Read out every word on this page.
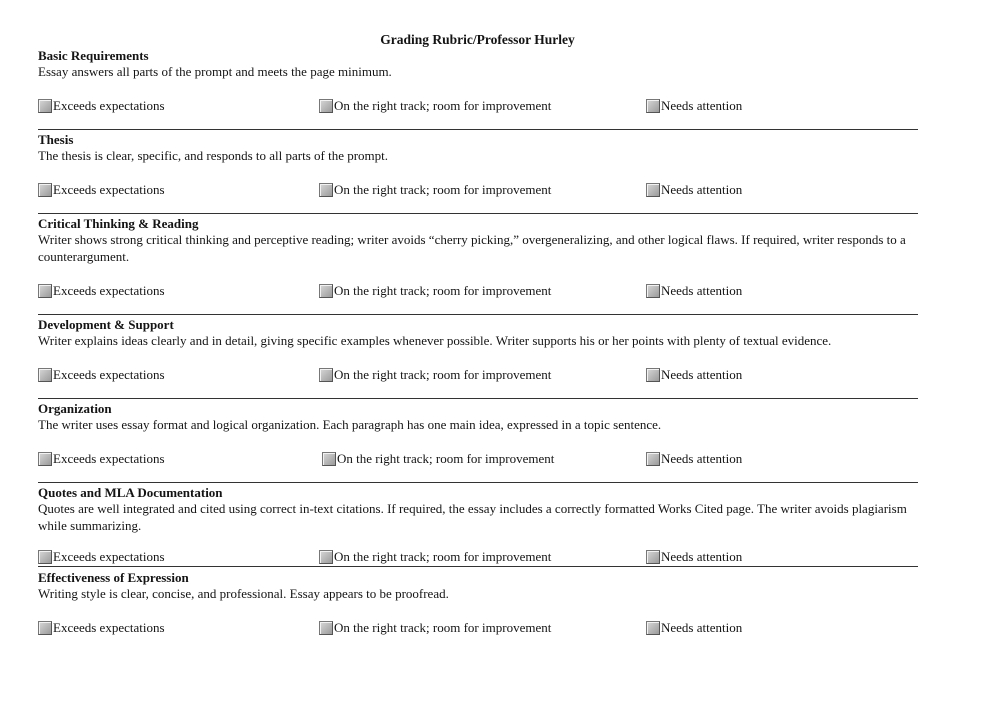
Grading Rubric/Professor Hurley
Basic Requirements
Essay answers all parts of the prompt and meets the page minimum.
Exceeds expectations	On the right track; room for improvement	Needs attention
Thesis
The thesis is clear, specific, and responds to all parts of the prompt.
Exceeds expectations	On the right track; room for improvement	Needs attention
Critical Thinking & Reading
Writer shows strong critical thinking and perceptive reading; writer avoids “cherry picking,” overgeneralizing, and other logical flaws. If required, writer responds to a counterargument.
Exceeds expectations	On the right track; room for improvement	Needs attention
Development & Support
Writer explains ideas clearly and in detail, giving specific examples whenever possible. Writer supports his or her points with plenty of textual evidence.
Exceeds expectations	On the right track; room for improvement	Needs attention
Organization
The writer uses essay format and logical organization. Each paragraph has one main idea, expressed in a topic sentence.
Exceeds expectations	On the right track; room for improvement	Needs attention
Quotes and MLA Documentation
Quotes are well integrated and cited using correct in-text citations. If required, the essay includes a correctly formatted Works Cited page. The writer avoids plagiarism while summarizing.
Exceeds expectations	On the right track; room for improvement	Needs attention
Effectiveness of Expression
Writing style is clear, concise, and professional. Essay appears to be proofread.
Exceeds expectations	On the right track; room for improvement	Needs attention
